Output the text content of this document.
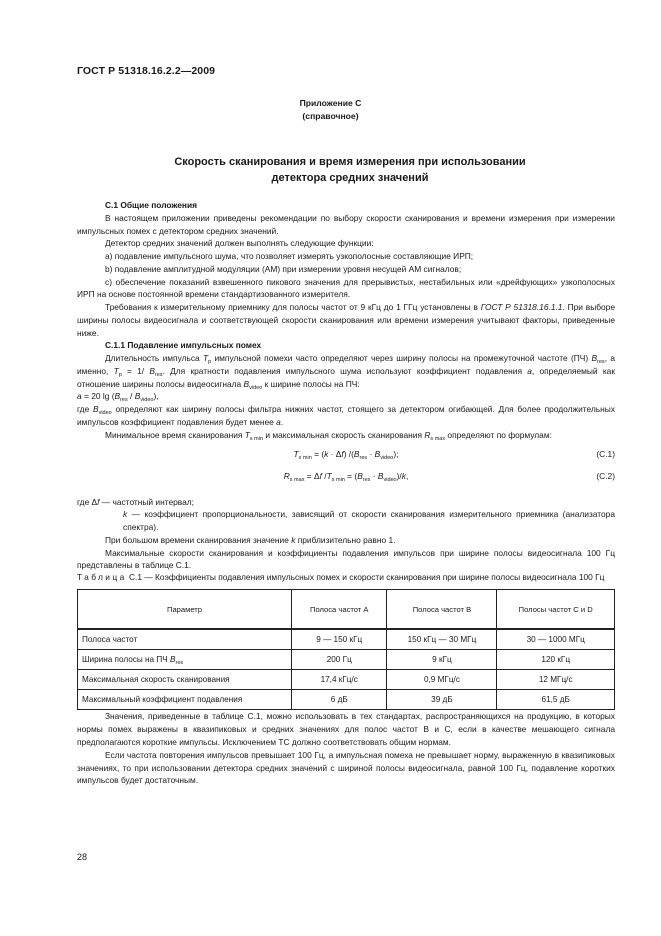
ГОСТ Р 51318.16.2.2—2009
Приложение С
(справочное)
Скорость сканирования и время измерения при использовании
детектора средних значений

С.1 Общие положения

В настоящем приложении приведены рекомендации по выбору скорости сканирования и времени измерения при измерении импульсных помех с детектором средних значений.

Детектор средних значений должен выполнять следующие функции:

а) подавление импульсного шума, что позволяет измерять узкополосные составляющие ИРП;

b) подавление амплитудной модуляции (AM) при измерении уровня несущей AM сигналов;

с) обеспечение показаний взвешенного пикового значения для прерывистых, нестабильных или «дрейфующих» узкополосных ИРП на основе постоянной времени стандартизованного измерителя.

Требования к измерительному приемнику для полосы частот от 9 кГц до 1 ГГц установлены в ГОСТ Р 51318.16.1.1. При выборе ширины полосы видеосигнала и соответствующей скорости сканирования или времени измерения учитывают факторы, приведенные ниже.

С.1.1 Подавление импульсных помех

Длительность импульса $T_p$ импульсной помехи часто определяют через ширину полосы на промежуточной частоте (ПЧ) $B_{res}$, а именно, $T_p = 1/$ $B_{res}$. Для кратности подавления импульсного шума используют коэффициент подавления а, определяемый как отношение ширины полосы видеосигнала $B_{video}$ к ширине полосы на ПЧ:

a = 20 $\lg (B_{res} / B_{video})$,

где $B_{video}$ определяют как ширину полосы фильтра нижних частот, стоящего за детектором огибающей. Для более продолжительных импульсов коэффициент подавления будет менее а.

Минимальное время сканирования $T_{s min}$ и максимальная скорость сканирования $R_{s max}$ определяют по формулам:

$T_{s min} = (k \cdot \Delta f) /(B_{res} \cdot B_{video})$;	(С.1)
$R_{s max} = \Delta f$ $/T_{s min} = (B_{res} \cdot B_{video})/k$,	(С.2)

где Δf — частотный интервал;

k — коэффициент пропорциональности, зависящий от скорости сканирования измерительного приемника (анализатора спектра).

При большом времени сканирования значение k приблизительно равно 1.

Максимальные скорости сканирования и коэффициенты подавления импульсов при ширине полосы видеосигнала 100 Гц представлены в таблице С.1.

Таблица С.1 — Коэффициенты подавления импульсных помех и скорости сканирования при ширине полосы видеосигнала 100 Гц

Параметр	Полоса частот А	Полоса частот В	Полосы частот С и D
Полоса частот	9 — 150 кГц	150 кГц — 30 МГц	30 — 1000 МГц
Ширина полосы на ПЧ $B_{res}$	200 Гц	9 кГц	120 кГц
Максимальная скорость сканирования	17,4 кГц/с	0,9 МГц/с	12 МГц/с
Максимальный коэффициент подавления	6 дБ	39 дБ	61,5 дБ

Значения, приведенные в таблице С.1, можно использовать в тех стандартах, распространяющихся на продукцию, в которых нормы помех выражены в квазипиковых и средних значениях для полос частот В и С, если в качестве мешающего сигнала предполагаются короткие импульсы. Исключением ТС должно соответствовать общим нормам.

Если частота повторения импульсов превышает 100 Гц, а импульсная помеха не превышает норму, выраженную в квазипиковых значениях, то при использовании детектора средних значений с шириной полосы видеосигнала, равной 100 Гц, подавление коротких импульсов будет достаточным.

28
